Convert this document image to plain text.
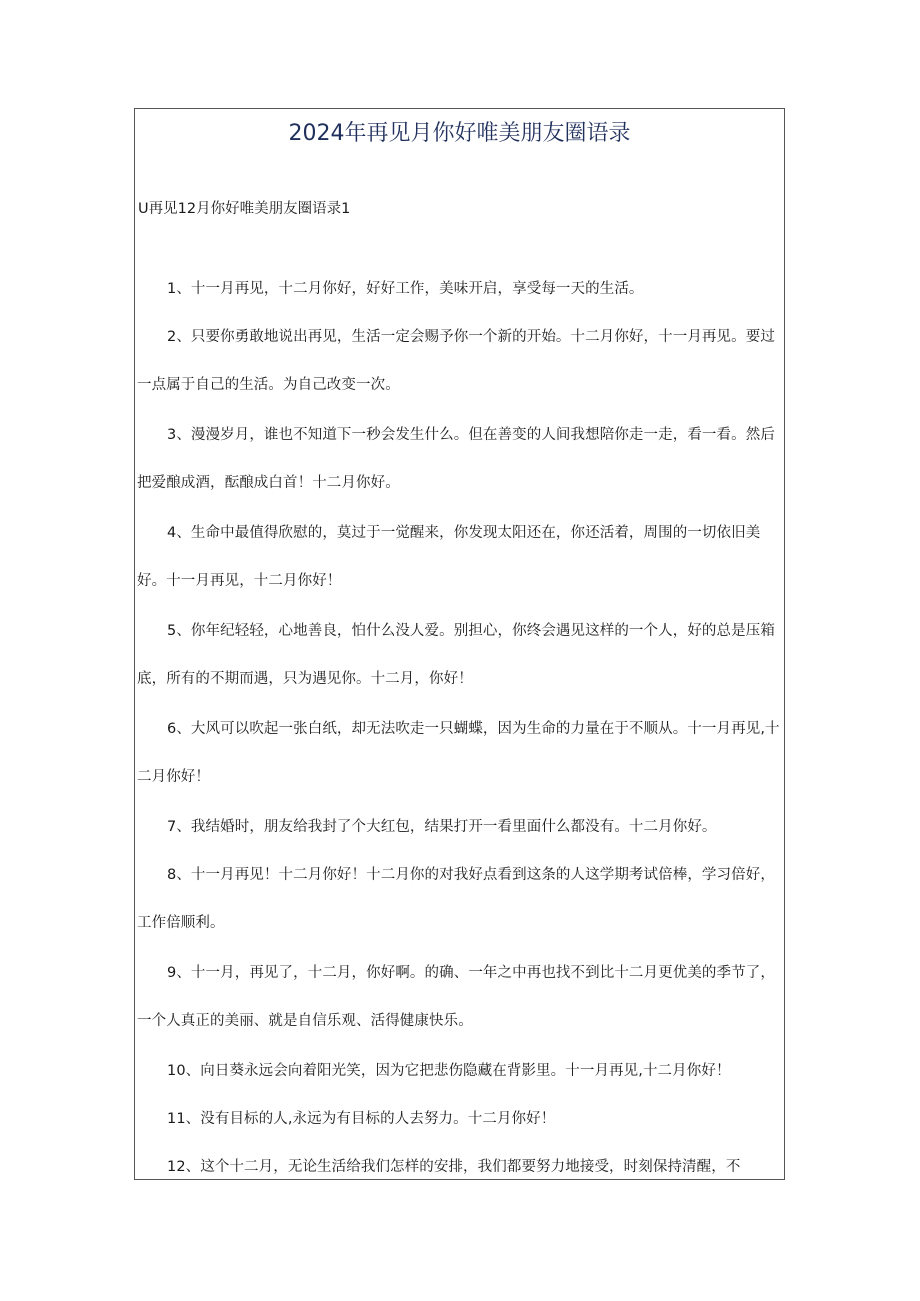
2024年再见月你好唯美朋友圈语录

U再见12月你好唯美朋友圈语录1

1、十一月再见，十二月你好，好好工作，美味开启，享受每一天的生活。

2、只要你勇敢地说出再见，生活一定会赐予你一个新的开始。十二月你好，十一月再见。要过一点属于自己的生活。为自己改变一次。

3、漫漫岁月，谁也不知道下一秒会发生什么。但在善变的人间我想陪你走一走，看一看。然后把爱酿成酒，酝酿成白首！十二月你好。

4、生命中最值得欣慰的，莫过于一觉醒来，你发现太阳还在，你还活着，周围的一切依旧美好。十一月再见，十二月你好！

5、你年纪轻轻，心地善良，怕什么没人爱。别担心，你终会遇见这样的一个人，好的总是压箱底，所有的不期而遇，只为遇见你。十二月，你好！

6、大风可以吹起一张白纸，却无法吹走一只蝴蝶，因为生命的力量在于不顺从。十一月再见,十二月你好！

7、我结婚时，朋友给我封了个大红包，结果打开一看里面什么都没有。十二月你好。

8、十一月再见！十二月你好！十二月你的对我好点看到这条的人这学期考试倍棒，学习倍好，工作倍顺利。

9、十一月，再见了，十二月，你好啊。的确、一年之中再也找不到比十二月更优美的季节了，一个人真正的美丽、就是自信乐观、活得健康快乐。

10、向日葵永远会向着阳光笑，因为它把悲伤隐藏在背影里。十一月再见,十二月你好！

11、没有目标的人,永远为有目标的人去努力。十二月你好！

12、这个十二月，无论生活给我们怎样的安排，我们都要努力地接受，时刻保持清醒，不
